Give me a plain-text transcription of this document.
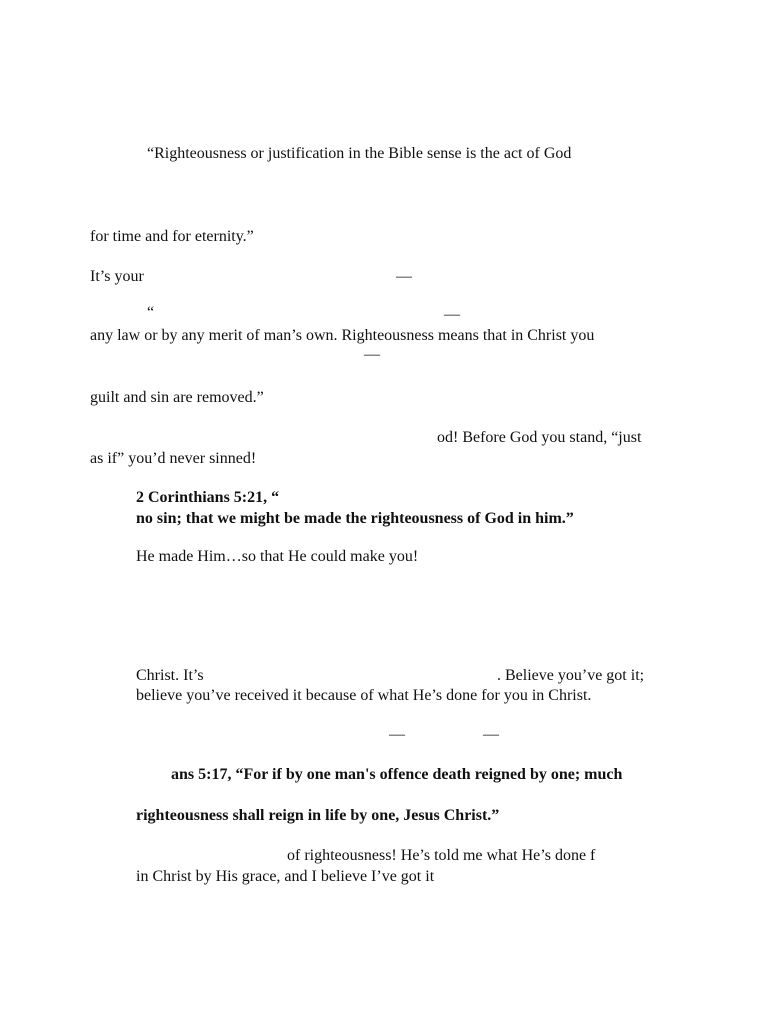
“Righteousness or justification in the Bible sense is the act of God
for time and for eternity.”
It’s your	—
“	—
any law or by any merit of man’s own. Righteousness means that in Christ you
—
guilt and sin are removed.”
od! Before God you stand, “just
as if” you’d never sinned!
2 Corinthians 5:21, “
no sin; that we might be made the righteousness of God in him.”
He made Him…so that He could make you!
Christ. It’s	. Believe you’ve got it;
believe you’ve received it because of what He’s done for you in Christ.
—	—
ans 5:17, “For if by one man's offence death reigned by one; much
righteousness shall reign in life by one, Jesus Christ.”
of righteousness! He’s told me what He’s done f
in Christ by His grace, and I believe I’ve got it
